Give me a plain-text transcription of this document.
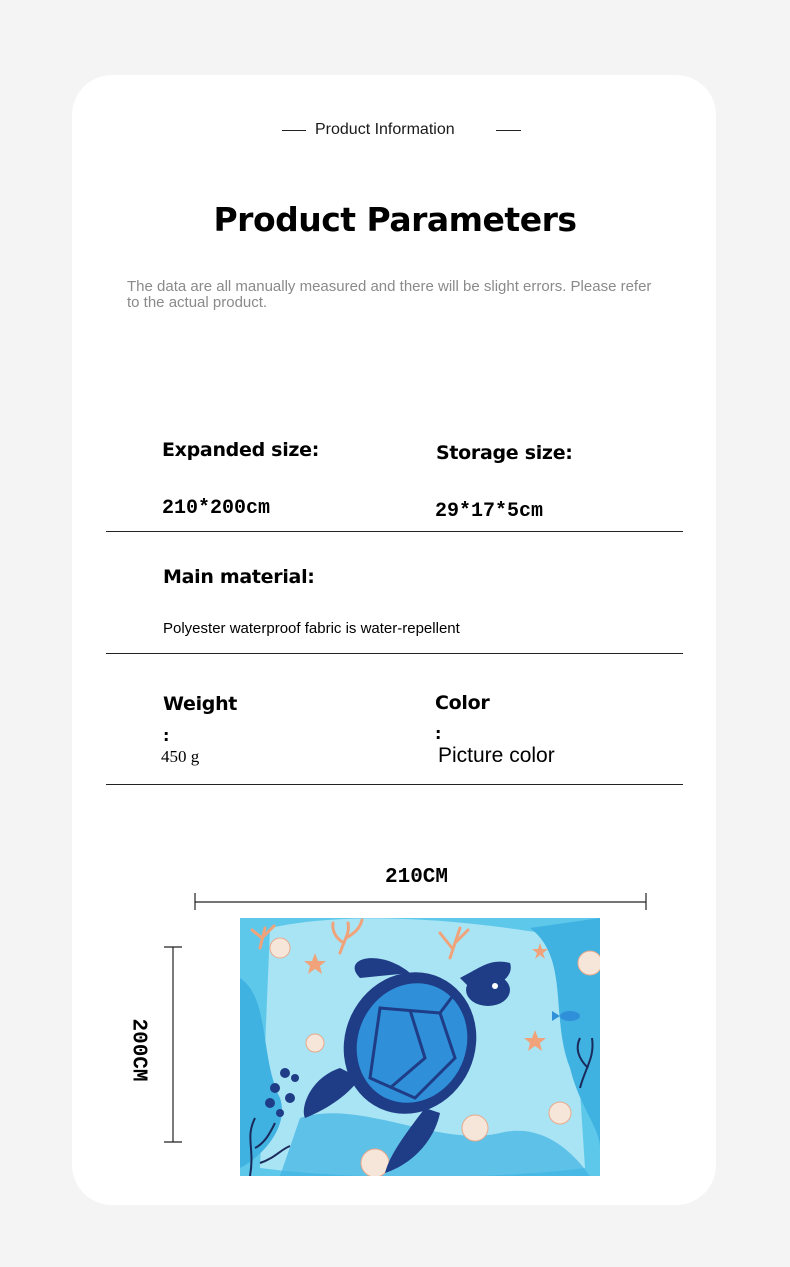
Product Information
Product Parameters
The data are all manually measured and there will be slight errors. Please refer to the actual product.
Expanded size:	Storage size:
210*200cm	29*17*5cm
Main material:
Polyester waterproof fabric is water-repellent
Weight
:
450 g
Color
:
Picture color
210CM
200CM
